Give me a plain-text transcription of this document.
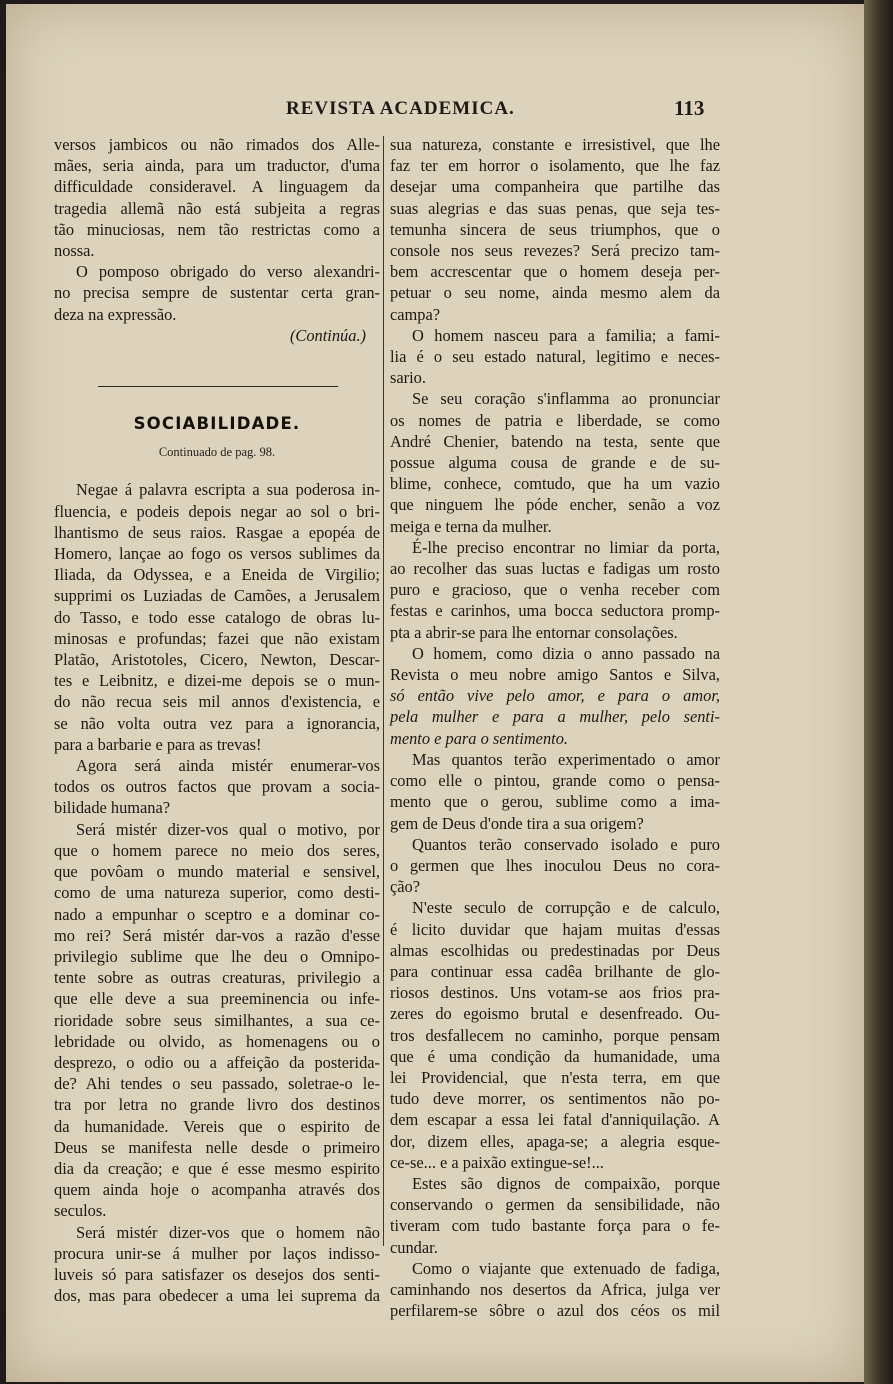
REVISTA ACADEMICA.	113
versos jambicos ou não rimados dos Alle-
mães, seria ainda, para um traductor, d'uma
difficuldade consideravel. A linguagem da
tragedia allemã não está subjeita a regras
tão minuciosas, nem tão restrictas como a
nossa.
O pomposo obrigado do verso alexandri-
no precisa sempre de sustentar certa gran-
deza na expressão.
(Continúa.)
SOCIABILIDADE.
Continuado de pag. 98.
Negae á palavra escripta a sua poderosa in-
fluencia, e podeis depois negar ao sol o bri-
lhantismo de seus raios. Rasgae a epopéa de
Homero, lançae ao fogo os versos sublimes da
Iliada, da Odyssea, e a Eneida de Virgilio;
supprimi os Luziadas de Camões, a Jerusalem
do Tasso, e todo esse catalogo de obras lu-
minosas e profundas; fazei que não existam
Platão, Aristotoles, Cicero, Newton, Descar-
tes e Leibnitz, e dizei-me depois se o mun-
do não recua seis mil annos d'existencia, e
se não volta outra vez para a ignorancia,
para a barbarie e para as trevas!
Agora será ainda mistér enumerar-vos
todos os outros factos que provam a socia-
bilidade humana?
Será mistér dizer-vos qual o motivo, por
que o homem parece no meio dos seres,
que povôam o mundo material e sensivel,
como de uma natureza superior, como desti-
nado a empunhar o sceptro e a dominar co-
mo rei? Será mistér dar-vos a razão d'esse
privilegio sublime que lhe deu o Omnipo-
tente sobre as outras creaturas, privilegio a
que elle deve a sua preeminencia ou infe-
rioridade sobre seus similhantes, a sua ce-
lebridade ou olvido, as homenagens ou o
desprezo, o odio ou a affeição da posterida-
de? Ahi tendes o seu passado, soletrae-o le-
tra por letra no grande livro dos destinos
da humanidade. Vereis que o espirito de
Deus se manifesta nelle desde o primeiro
dia da creação; e que é esse mesmo espirito
quem ainda hoje o acompanha através dos
seculos.
Será mistér dizer-vos que o homem não
procura unir-se á mulher por laços indisso-
luveis só para satisfazer os desejos dos senti-
dos, mas para obedecer a uma lei suprema da
sua natureza, constante e irresistivel, que lhe
faz ter em horror o isolamento, que lhe faz
desejar uma companheira que partilhe das
suas alegrias e das suas penas, que seja tes-
temunha sincera de seus triumphos, que o
console nos seus revezes? Será precizo tam-
bem accrescentar que o homem deseja per-
petuar o seu nome, ainda mesmo alem da
campa?
O homem nasceu para a familia; a fami-
lia é o seu estado natural, legitimo e neces-
sario.
Se seu coração s'inflamma ao pronunciar
os nomes de patria e liberdade, se como
André Chenier, batendo na testa, sente que
possue alguma cousa de grande e de su-
blime, conhece, comtudo, que ha um vazio
que ninguem lhe póde encher, senão a voz
meiga e terna da mulher.
É-lhe preciso encontrar no limiar da porta,
ao recolher das suas luctas e fadigas um rosto
puro e gracioso, que o venha receber com
festas e carinhos, uma bocca seductora promp-
pta a abrir-se para lhe entornar consolações.
O homem, como dizia o anno passado na
Revista o meu nobre amigo Santos e Silva,
só então vive pelo amor, e para o amor,
pela mulher e para a mulher, pelo senti-
mento e para o sentimento.
Mas quantos terão experimentado o amor
como elle o pintou, grande como o pensa-
mento que o gerou, sublime como a ima-
gem de Deus d'onde tira a sua origem?
Quantos terão conservado isolado e puro
o germen que lhes inoculou Deus no cora-
ção?
N'este seculo de corrupção e de calculo,
é licito duvidar que hajam muitas d'essas
almas escolhidas ou predestinadas por Deus
para continuar essa cadêa brilhante de glo-
riosos destinos. Uns votam-se aos frios pra-
zeres do egoismo brutal e desenfreado. Ou-
tros desfallecem no caminho, porque pensam
que é uma condição da humanidade, uma
lei Providencial, que n'esta terra, em que
tudo deve morrer, os sentimentos não po-
dem escapar a essa lei fatal d'anniquilação. A
dor, dizem elles, apaga-se; a alegria esque-
ce-se... e a paixão extingue-se!...
Estes são dignos de compaixão, porque
conservando o germen da sensibilidade, não
tiveram com tudo bastante força para o fe-
cundar.
Como o viajante que extenuado de fadiga,
caminhando nos desertos da Africa, julga ver
perfilarem-se sôbre o azul dos céos os mil
